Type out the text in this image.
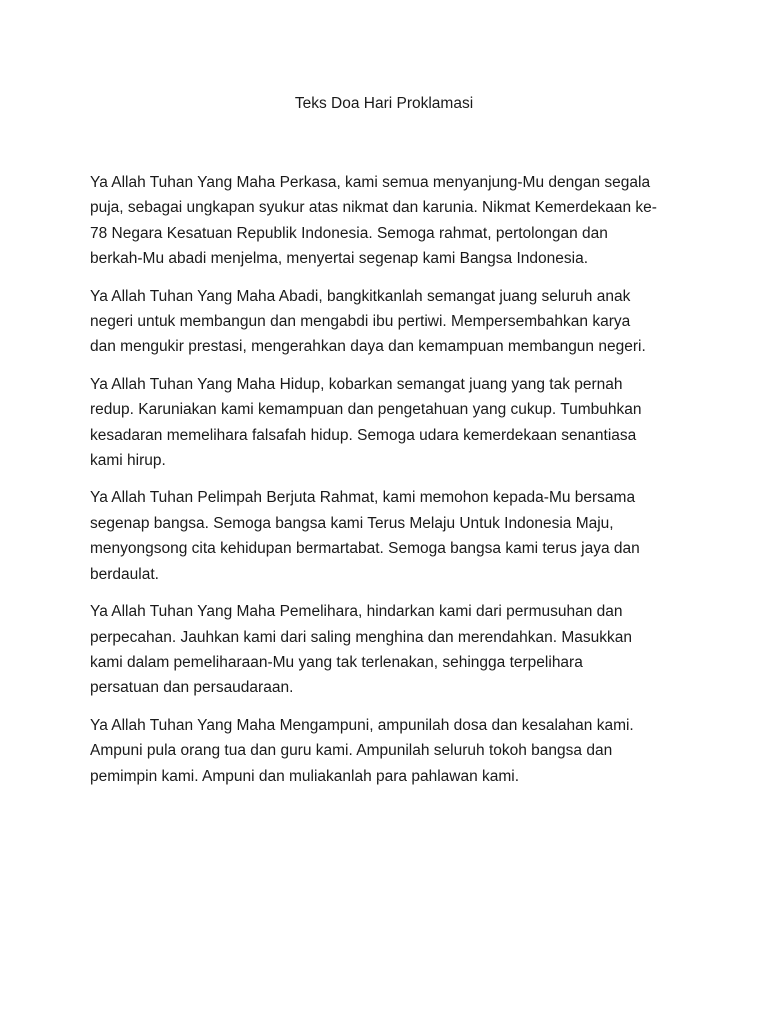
Teks Doa Hari Proklamasi

Ya Allah Tuhan Yang Maha Perkasa, kami semua menyanjung-Mu dengan segala
puja, sebagai ungkapan syukur atas nikmat dan karunia. Nikmat Kemerdekaan ke-
78 Negara Kesatuan Republik Indonesia. Semoga rahmat, pertolongan dan
berkah-Mu abadi menjelma, menyertai segenap kami Bangsa Indonesia.

Ya Allah Tuhan Yang Maha Abadi, bangkitkanlah semangat juang seluruh anak
negeri untuk membangun dan mengabdi ibu pertiwi. Mempersembahkan karya
dan mengukir prestasi, mengerahkan daya dan kemampuan membangun negeri.

Ya Allah Tuhan Yang Maha Hidup, kobarkan semangat juang yang tak pernah
redup. Karuniakan kami kemampuan dan pengetahuan yang cukup. Tumbuhkan
kesadaran memelihara falsafah hidup. Semoga udara kemerdekaan senantiasa
kami hirup.

Ya Allah Tuhan Pelimpah Berjuta Rahmat, kami memohon kepada-Mu bersama
segenap bangsa. Semoga bangsa kami Terus Melaju Untuk Indonesia Maju,
menyongsong cita kehidupan bermartabat. Semoga bangsa kami terus jaya dan
berdaulat.

Ya Allah Tuhan Yang Maha Pemelihara, hindarkan kami dari permusuhan dan
perpecahan. Jauhkan kami dari saling menghina dan merendahkan. Masukkan
kami dalam pemeliharaan-Mu yang tak terlenakan, sehingga terpelihara
persatuan dan persaudaraan.

Ya Allah Tuhan Yang Maha Mengampuni, ampunilah dosa dan kesalahan kami.
Ampuni pula orang tua dan guru kami. Ampunilah seluruh tokoh bangsa dan
pemimpin kami. Ampuni dan muliakanlah para pahlawan kami.
